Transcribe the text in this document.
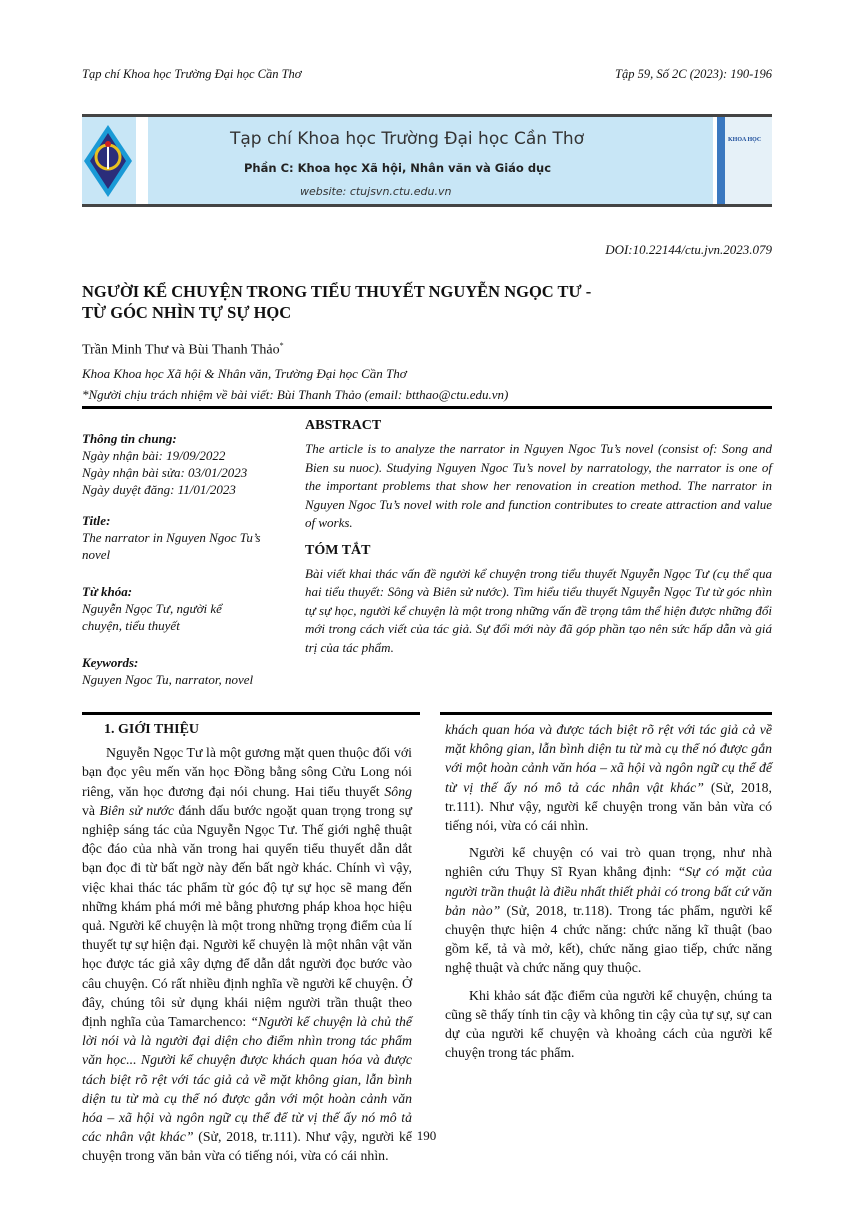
Tạp chí Khoa học Trường Đại học Cần Thơ	Tập 59, Số 2C (2023): 190-196
Tạp chí Khoa học Trường Đại học Cần Thơ
Phần C: Khoa học Xã hội, Nhân văn và Giáo dục
website: ctujsvn.ctu.edu.vn
KHOA HỌC
DOI:10.22144/ctu.jvn.2023.079
NGƯỜI KỂ CHUYỆN TRONG TIỂU THUYẾT NGUYỄN NGỌC TƯ -
TỪ GÓC NHÌN TỰ SỰ HỌC
Trần Minh Thư và Bùi Thanh Thảo*
Khoa Khoa học Xã hội & Nhân văn, Trường Đại học Cần Thơ
*Người chịu trách nhiệm về bài viết: Bùi Thanh Thảo (email: btthao@ctu.edu.vn)
Thông tin chung:

Ngày nhận bài: 19/09/2022

Ngày nhận bài sửa: 03/01/2023

Ngày duyệt đăng: 11/01/2023

Title:

The narrator in Nguyen Ngoc Tu’s novel

Từ khóa:

Nguyễn Ngọc Tư, người kể chuyện, tiểu thuyết

Keywords:

Nguyen Ngoc Tu, narrator, novel

ABSTRACT

The article is to analyze the narrator in Nguyen Ngoc Tu’s novel (consist of: Song and Bien su nuoc). Studying Nguyen Ngoc Tu’s novel by narratology, the narrator is one of the important problems that show her renovation in creation method. The narrator in Nguyen Ngoc Tu’s novel with role and function contributes to create attraction and value of works.

TÓM TẮT

Bài viết khai thác vấn đề người kể chuyện trong tiểu thuyết Nguyễn Ngọc Tư (cụ thể qua hai tiểu thuyết: Sông và Biên sử nước). Tìm hiểu tiểu thuyết Nguyễn Ngọc Tư từ góc nhìn tự sự học, người kể chuyện là một trong những vấn đề trọng tâm thể hiện được những đổi mới trong cách viết của tác giả. Sự đổi mới này đã góp phần tạo nên sức hấp dẫn và giá trị của tác phẩm.

1. GIỚI THIỆU

Nguyễn Ngọc Tư là một gương mặt quen thuộc đối với bạn đọc yêu mến văn học Đồng bằng sông Cửu Long nói riêng, văn học đương đại nói chung. Hai tiểu thuyết Sông và Biên sử nước đánh dấu bước ngoặt quan trọng trong sự nghiệp sáng tác của Nguyễn Ngọc Tư. Thế giới nghệ thuật độc đáo của nhà văn trong hai quyển tiểu thuyết dẫn dắt bạn đọc đi từ bất ngờ này đến bất ngờ khác. Chính vì vậy, việc khai thác tác phẩm từ góc độ tự sự học sẽ mang đến những khám phá mới mẻ bằng phương pháp khoa học hiệu quả. Người kể chuyện là một trong những trọng điểm của lí thuyết tự sự hiện đại. Người kể chuyện là một nhân vật văn học được tác giả xây dựng để dẫn dắt người đọc bước vào câu chuyện. Có rất nhiều định nghĩa về người kể chuyện. Ở đây, chúng tôi sử dụng khái niệm người trần thuật theo định nghĩa của Tamarchenco: “Người kể chuyện là chủ thể lời nói và là người đại diện cho điểm nhìn trong tác phẩm văn học... Người kể chuyện được khách quan hóa và được tách biệt rõ rệt với tác giả cả về mặt không gian, lẫn bình diện tu từ mà cụ thể nó được gắn với một hoàn cảnh văn hóa – xã hội và ngôn ngữ cụ thể để từ vị thế ấy nó mô tả các nhân vật khác” (Sử, 2018, tr.111). Như vậy, người kể chuyện trong văn bản vừa có tiếng nói, vừa có cái nhìn.

khách quan hóa và được tách biệt rõ rệt với tác giả cả về mặt không gian, lẫn bình diện tu từ mà cụ thể nó được gắn với một hoàn cảnh văn hóa – xã hội và ngôn ngữ cụ thể để từ vị thế ấy nó mô tả các nhân vật khác” (Sử, 2018, tr.111). Như vậy, người kể chuyện trong văn bản vừa có tiếng nói, vừa có cái nhìn.

Người kể chuyện có vai trò quan trọng, như nhà nghiên cứu Thụy Sĩ Ryan khẳng định: “Sự có mặt của người trần thuật là điều nhất thiết phải có trong bất cứ văn bản nào” (Sử, 2018, tr.118). Trong tác phẩm, người kể chuyện thực hiện 4 chức năng: chức năng kĩ thuật (bao gồm kể, tả và mở, kết), chức năng giao tiếp, chức năng nghệ thuật và chức năng quy thuộc.

Khi khảo sát đặc điểm của người kể chuyện, chúng ta cũng sẽ thấy tính tin cậy và không tin cậy của tự sự, sự can dự của người kể chuyện và khoảng cách của người kể chuyện trong tác phẩm.

190
